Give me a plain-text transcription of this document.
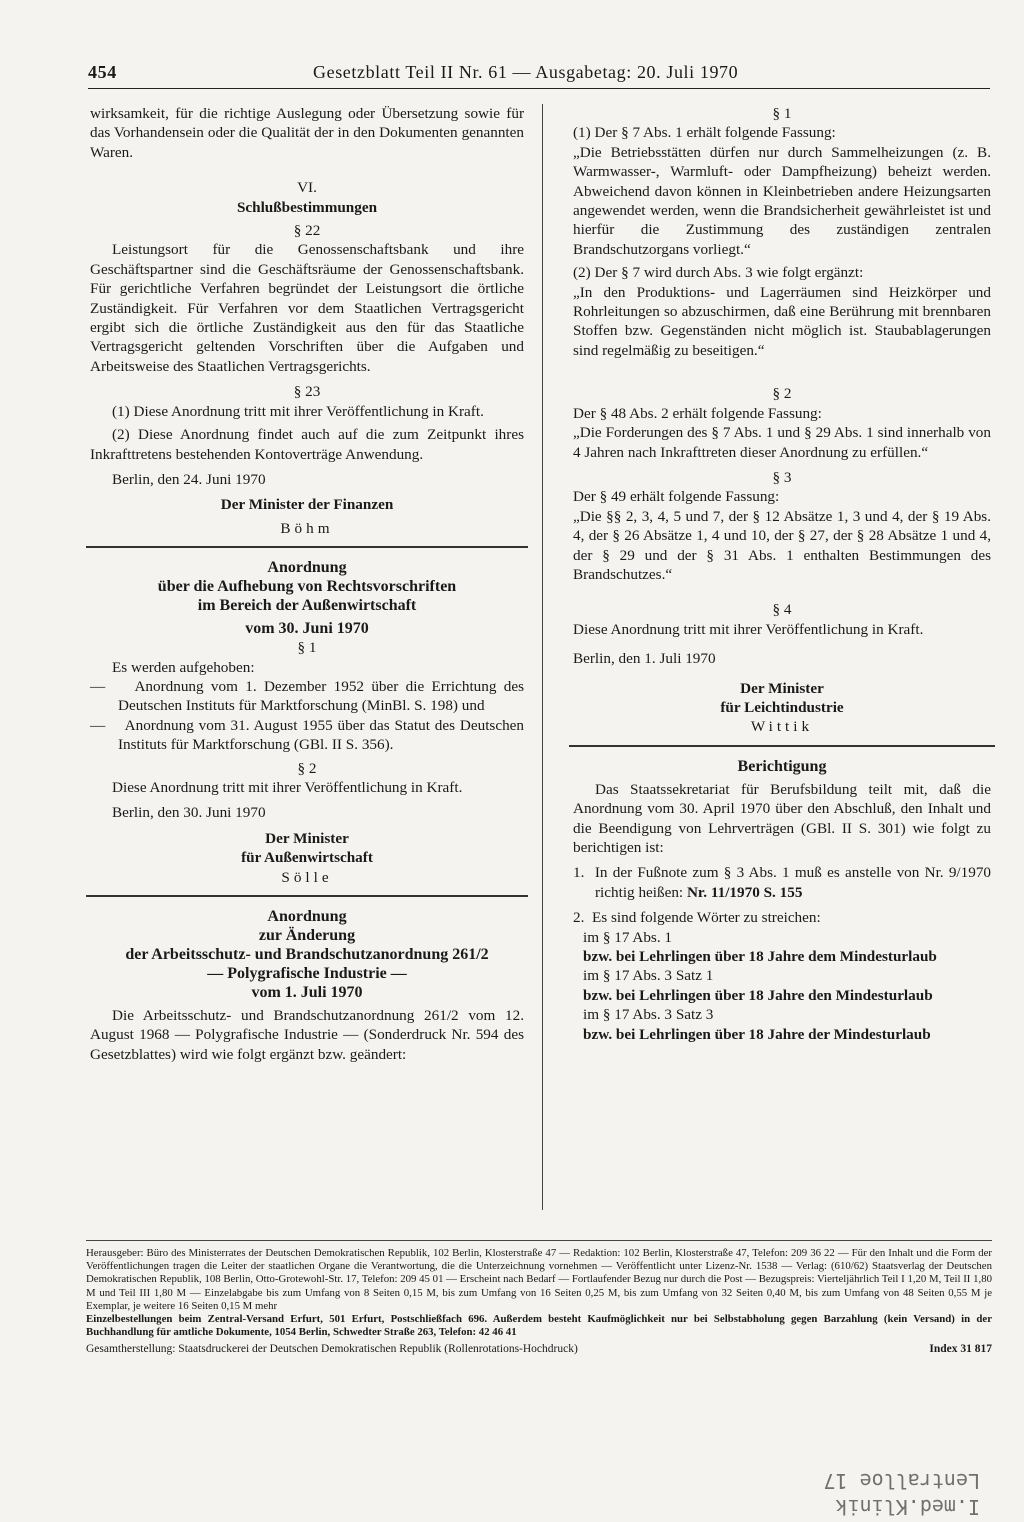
454	Gesetzblatt Teil II Nr. 61 — Ausgabetag: 20. Juli 1970

wirksamkeit, für die richtige Auslegung oder Übersetzung sowie für das Vorhandensein oder die Qualität der in den Dokumenten genannten Waren.

VI.

Schlußbestimmungen

§ 22

Leistungsort für die Genossenschaftsbank und ihre Geschäftspartner sind die Geschäftsräume der Genossenschaftsbank. Für gerichtliche Verfahren begründet der Leistungsort die örtliche Zuständigkeit. Für Verfahren vor dem Staatlichen Vertragsgericht ergibt sich die örtliche Zuständigkeit aus den für das Staatliche Vertragsgericht geltenden Vorschriften über die Aufgaben und Arbeitsweise des Staatlichen Vertragsgerichts.

§ 23

(1) Diese Anordnung tritt mit ihrer Veröffentlichung in Kraft.

(2) Diese Anordnung findet auch auf die zum Zeitpunkt ihres Inkrafttretens bestehenden Kontoverträge Anwendung.

Berlin, den 24. Juni 1970

Der Minister der Finanzen

Böhm

Anordnung

über die Aufhebung von Rechtsvorschriften

im Bereich der Außenwirtschaft

vom 30. Juni 1970

§ 1

Es werden aufgehoben:

— Anordnung vom 1. Dezember 1952 über die Errichtung des Deutschen Instituts für Marktforschung (MinBl. S. 198) und

— Anordnung vom 31. August 1955 über das Statut des Deutschen Instituts für Marktforschung (GBl. II S. 356).

§ 2

Diese Anordnung tritt mit ihrer Veröffentlichung in Kraft.

Berlin, den 30. Juni 1970

Der Minister

für Außenwirtschaft

Sölle

Anordnung

zur Änderung

der Arbeitsschutz- und Brandschutzanordnung 261/2

— Polygrafische Industrie —

vom 1. Juli 1970

Die Arbeitsschutz- und Brandschutzanordnung 261/2 vom 12. August 1968 — Polygrafische Industrie — (Sonderdruck Nr. 594 des Gesetzblattes) wird wie folgt ergänzt bzw. geändert:

§ 1

(1) Der § 7 Abs. 1 erhält folgende Fassung:

„Die Betriebsstätten dürfen nur durch Sammelheizungen (z. B. Warmwasser-, Warmluft- oder Dampfheizung) beheizt werden. Abweichend davon können in Kleinbetrieben andere Heizungsarten angewendet werden, wenn die Brandsicherheit gewährleistet ist und hierfür die Zustimmung des zuständigen zentralen Brandschutzorgans vorliegt.“

(2) Der § 7 wird durch Abs. 3 wie folgt ergänzt:

„In den Produktions- und Lagerräumen sind Heizkörper und Rohrleitungen so abzuschirmen, daß eine Berührung mit brennbaren Stoffen bzw. Gegenständen nicht möglich ist. Staubablagerungen sind regelmäßig zu beseitigen.“

§ 2

Der § 48 Abs. 2 erhält folgende Fassung:

„Die Forderungen des § 7 Abs. 1 und § 29 Abs. 1 sind innerhalb von 4 Jahren nach Inkrafttreten dieser Anordnung zu erfüllen.“

§ 3

Der § 49 erhält folgende Fassung:

„Die §§ 2, 3, 4, 5 und 7, der § 12 Absätze 1, 3 und 4, der § 19 Abs. 4, der § 26 Absätze 1, 4 und 10, der § 27, der § 28 Absätze 1 und 4, der § 29 und der § 31 Abs. 1 enthalten Bestimmungen des Brandschutzes.“

§ 4

Diese Anordnung tritt mit ihrer Veröffentlichung in Kraft.

Berlin, den 1. Juli 1970

Der Minister

für Leichtindustrie

Wittik

Berichtigung

Das Staatssekretariat für Berufsbildung teilt mit, daß die Anordnung vom 30. April 1970 über den Abschluß, den Inhalt und die Beendigung von Lehrverträgen (GBl. II S. 301) wie folgt zu berichtigen ist:

1. In der Fußnote zum § 3 Abs. 1 muß es anstelle von Nr. 9/1970 richtig heißen: Nr. 11/1970 S. 155

2. Es sind folgende Wörter zu streichen:

im § 17 Abs. 1

bzw. bei Lehrlingen über 18 Jahre dem Mindesturlaub

im § 17 Abs. 3 Satz 1

bzw. bei Lehrlingen über 18 Jahre den Mindesturlaub

im § 17 Abs. 3 Satz 3

bzw. bei Lehrlingen über 18 Jahre der Mindesturlaub

Herausgeber: Büro des Ministerrates der Deutschen Demokratischen Republik, 102 Berlin, Klosterstraße 47 — Redaktion: 102 Berlin, Klosterstraße 47, Telefon: 209 36 22 — Für den Inhalt und die Form der Veröffentlichungen tragen die Leiter der staatlichen Organe die Verantwortung, die die Unterzeichnung vornehmen — Veröffentlicht unter Lizenz-Nr. 1538 — Verlag: (610/62) Staatsverlag der Deutschen Demokratischen Republik, 108 Berlin, Otto-Grotewohl-Str. 17, Telefon: 209 45 01 — Erscheint nach Bedarf — Fortlaufender Bezug nur durch die Post — Bezugspreis: Vierteljährlich Teil I 1,20 M, Teil II 1,80 M und Teil III 1,80 M — Einzelabgabe bis zum Umfang von 8 Seiten 0,15 M, bis zum Umfang von 16 Seiten 0,25 M, bis zum Umfang von 32 Seiten 0,40 M, bis zum Umfang von 48 Seiten 0,55 M je Exemplar, je weitere 16 Seiten 0,15 M mehr

Einzelbestellungen beim Zentral-Versand Erfurt, 501 Erfurt, Postschließfach 696. Außerdem besteht Kaufmöglichkeit nur bei Selbstabholung gegen Barzahlung (kein Versand) in der Buchhandlung für amtliche Dokumente, 1054 Berlin, Schwedter Straße 263, Telefon: 42 46 41

Gesamtherstellung: Staatsdruckerei der Deutschen Demokratischen Republik (Rollenrotations-Hochdruck)	Index 31 817
I.med.Klinik
Lentralloe 17
